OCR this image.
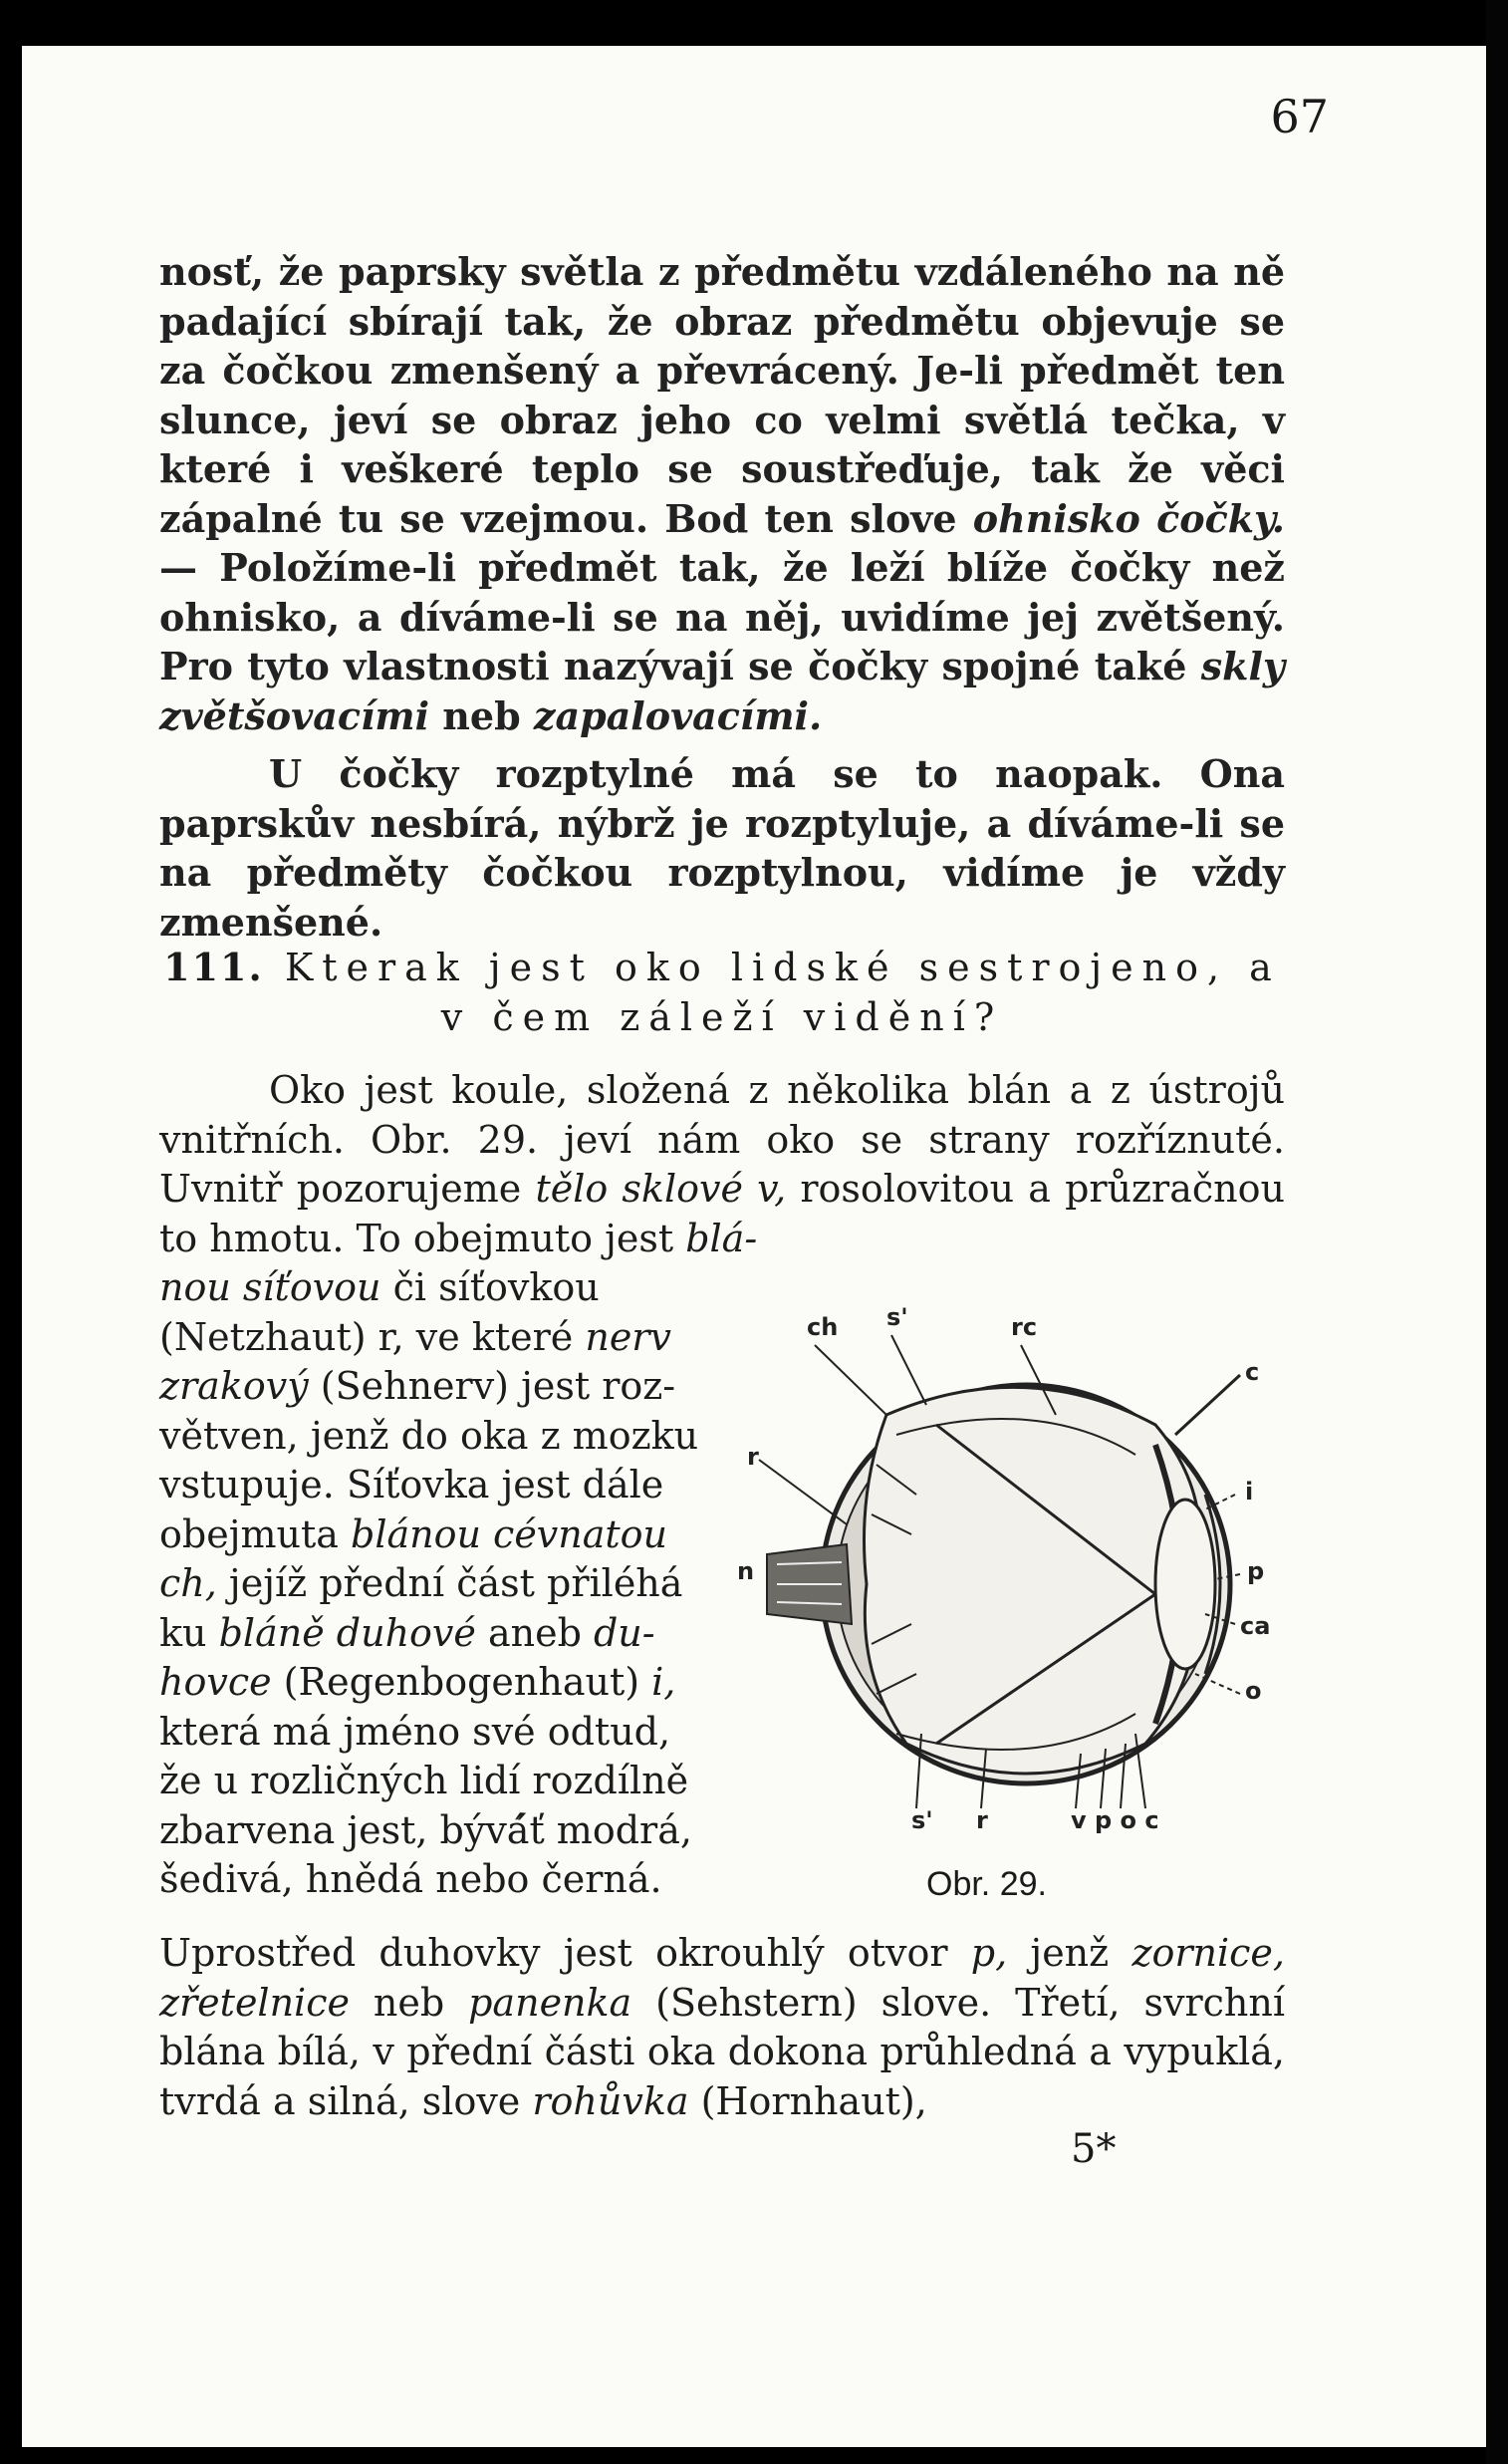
67
nosť, že paprsky světla z předmětu vzdáleného na ně padající sbírají tak, že obraz předmětu objevuje se za čočkou zmenšený a převrácený. Je-li předmět ten slunce, jeví se obraz jeho co velmi světlá tečka, v které i veškeré teplo se soustřeďuje, tak že věci zápalné tu se vzejmou. Bod ten slove ohnisko čočky. — Položíme-li předmět tak, že leží blíže čočky než ohnisko, a díváme-li se na něj, uvidíme jej zvětšený. Pro tyto vlastnosti nazývají se čočky spojné také skly zvětšovacími neb zapalovacími.
U čočky rozptylné má se to naopak. Ona paprskův nesbírá, nýbrž je rozptyluje, a díváme-li se na předměty čočkou rozptylnou, vidíme je vždy zmenšené.
111. Kterak jest oko lidské sestrojeno, a
v čem záleží vidění?
Oko jest koule, složená z několika blán a z ústrojů vnitřních. Obr. 29. jeví nám oko se strany rozříznuté. Uvnitř pozorujeme tělo sklové v, rosolovitou a průzračnou to hmotu. To obejmuto jest blá-
nou síťovou či síťovkou
(Netzhaut) r, ve které nerv
zrakový (Sehnerv) jest roz-
větven, jenž do oka z mozku
vstupuje. Síťovka jest dále
obejmuta blánou cévnatou
ch, jejíž přední část přiléhá
ku bláně duhové aneb du-
hovce (Regenbogenhaut) i,
která má jméno své odtud,
že u rozličných lidí rozdílně
zbarvena jest, bývá́ť modrá,
šedivá, hnědá nebo černá.
ch s'	rc
c
r
i
n	p
ca
o
s' r	v p o c
Obr. 29.
Uprostřed duhovky jest okrouhlý otvor p, jenž zornice, zřetelnice neb panenka (Sehstern) slove. Třetí, svrchní blána bílá, v přední části oka dokona průhledná a vypuklá, tvrdá a silná, slove rohůvka (Hornhaut),
5*
